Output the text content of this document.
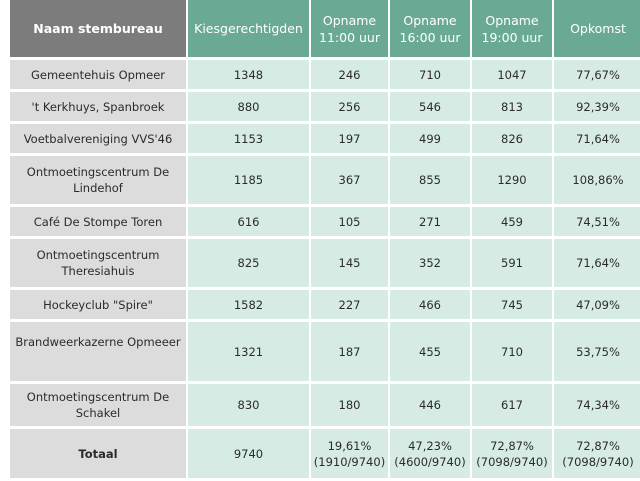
Naam stembureau	Kiesgerechtigden	Opname 11:00 uur	Opname 16:00 uur	Opname 19:00 uur	Opkomst
Gemeentehuis Opmeer	1348	246	710	1047	77,67%
't Kerkhuys, Spanbroek	880	256	546	813	92,39%
Voetbalvereniging VVS'46	1153	197	499	826	71,64%
Ontmoetingscentrum De Lindehof	1185	367	855	1290	108,86%
Café De Stompe Toren	616	105	271	459	74,51%
Ontmoetingscentrum Theresiahuis	825	145	352	591	71,64%
Hockeyclub "Spire"	1582	227	466	745	47,09%
Brandweerkazerne Opmeeer	1321	187	455	710	53,75%
Ontmoetingscentrum De Schakel	830	180	446	617	74,34%
Totaal	9740	19,61% (1910/9740)	47,23% (4600/9740)	72,87% (7098/9740)	72,87% (7098/9740)
